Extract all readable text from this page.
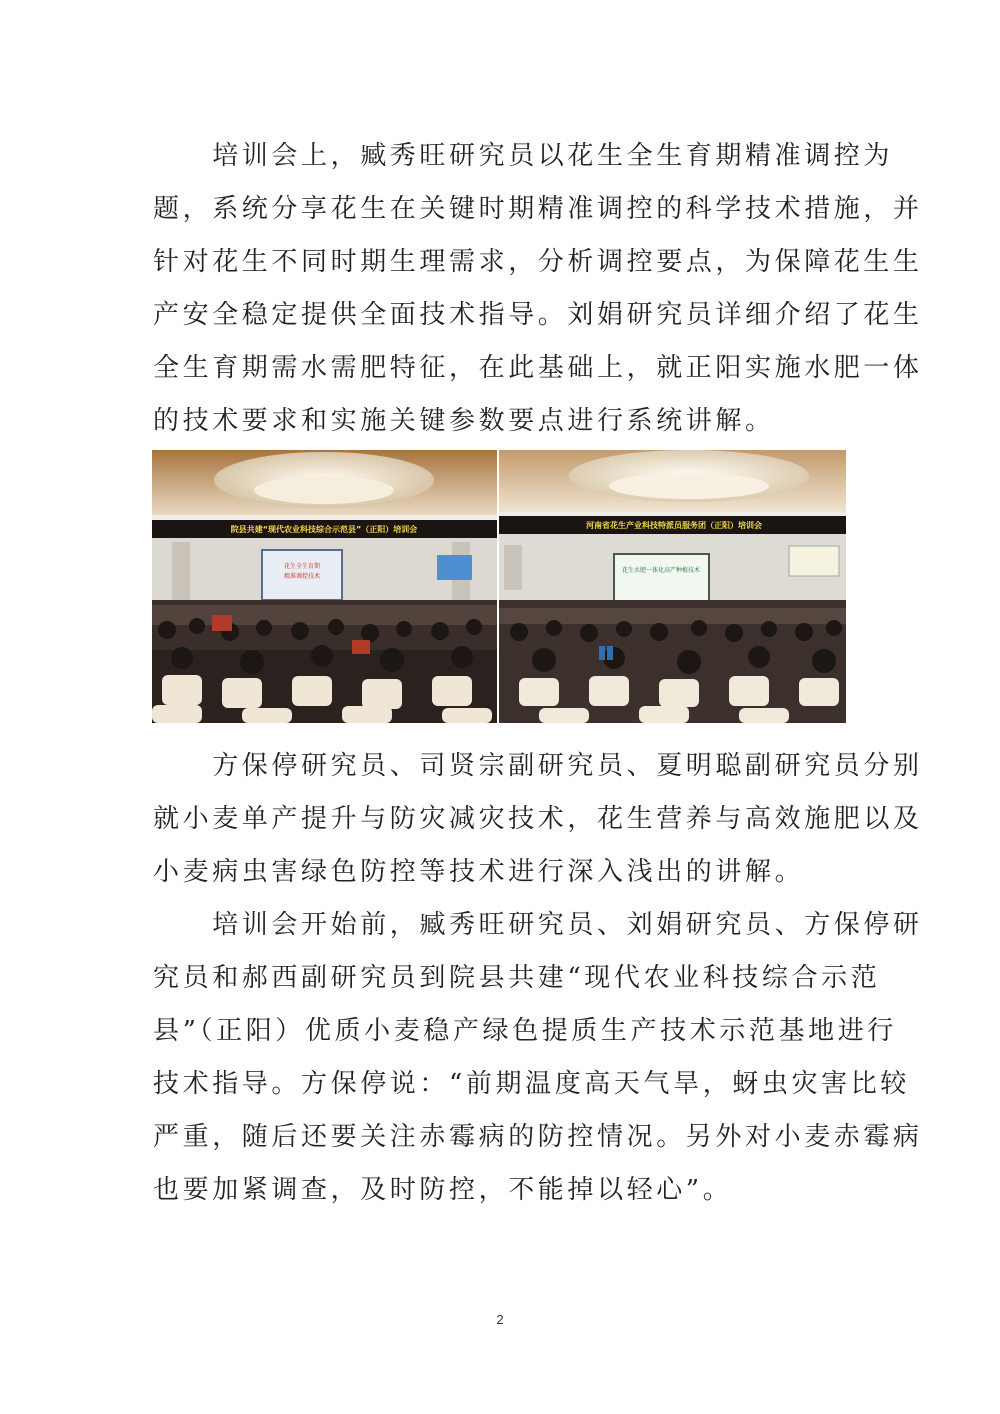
　　培训会上，臧秀旺研究员以花生全生育期精准调控为
题，系统分享花生在关键时期精准调控的科学技术措施，并
针对花生不同时期生理需求，分析调控要点，为保障花生生
产安全稳定提供全面技术指导。刘娟研究员详细介绍了花生
全生育期需水需肥特征，在此基础上，就正阳实施水肥一体
的技术要求和实施关键参数要点进行系统讲解。
院县共建“现代农业科技综合示范县”（正阳）培训会
花生全生育期
精准调控技术
河南省花生产业科技特派员服务团（正阳）培训会
花生水肥一体化高产种植技术
　　方保停研究员、司贤宗副研究员、夏明聪副研究员分别
就小麦单产提升与防灾减灾技术，花生营养与高效施肥以及
小麦病虫害绿色防控等技术进行深入浅出的讲解。
　　培训会开始前，臧秀旺研究员、刘娟研究员、方保停研
究员和郝西副研究员到院县共建“现代农业科技综合示范
县”（正阳）优质小麦稳产绿色提质生产技术示范基地进行
技术指导。方保停说：“前期温度高天气旱，蚜虫灾害比较
严重，随后还要关注赤霉病的防控情况。另外对小麦赤霉病
也要加紧调查，及时防控，不能掉以轻心”。
2
